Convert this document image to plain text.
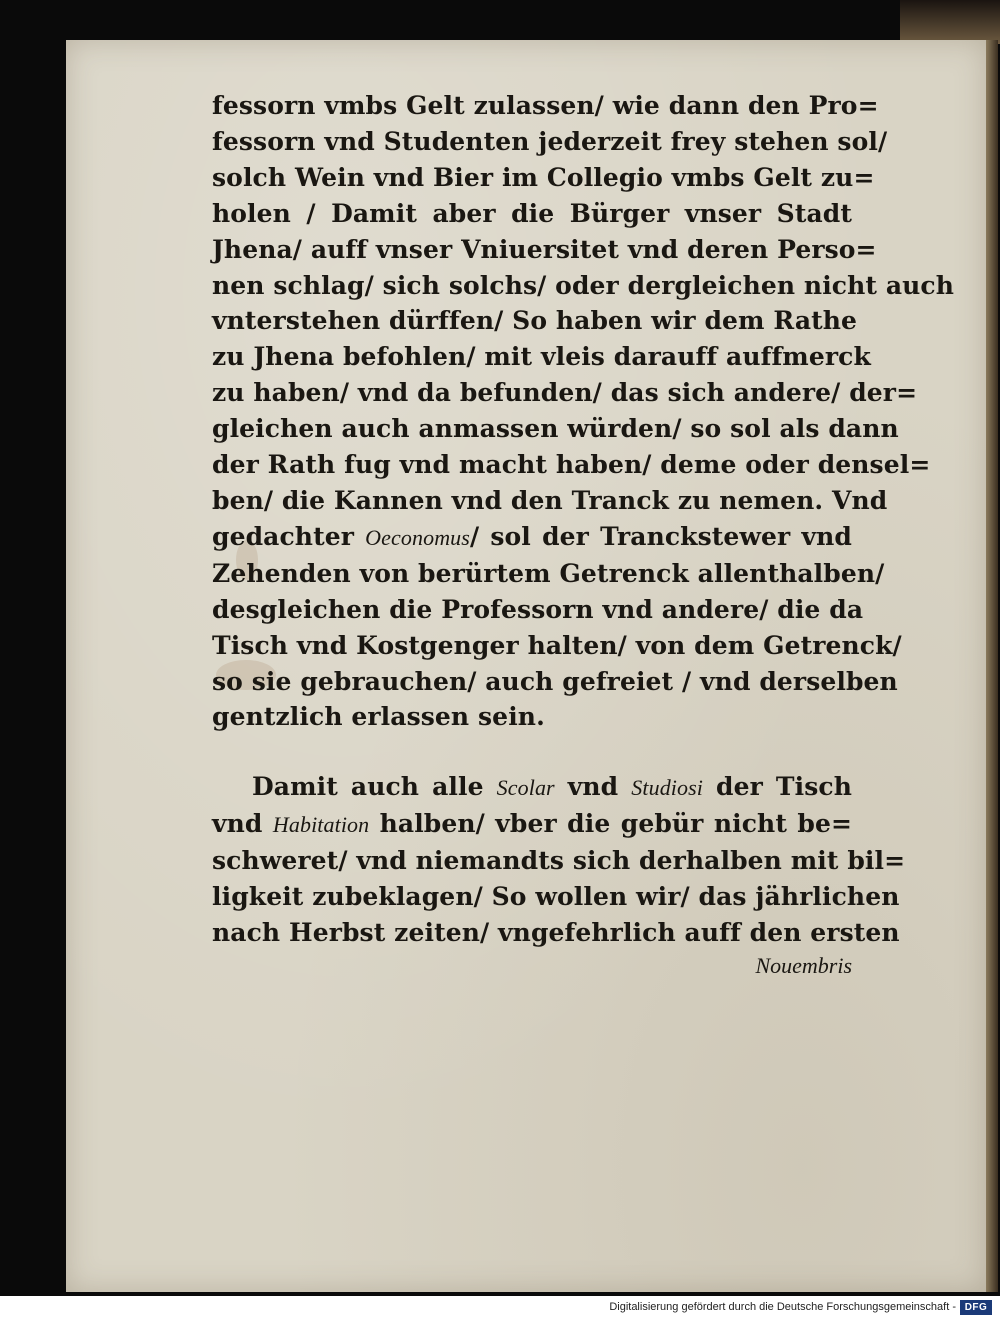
fessorn vmbs Gelt zulassen/ wie dann den Pro=
fessorn vnd Studenten jederzeit frey stehen sol/
solch Wein vnd Bier im Collegio vmbs Gelt zu=
holen / Damit aber die Bürger vnser Stadt
Jhena/ auff vnser Vniuersitet vnd deren Perso=
nen schlag/ sich solchs/ oder dergleichen nicht auch
vnterstehen dürffen/ So haben wir dem Rathe
zu Jhena befohlen/ mit vleis darauff auffmerck
zu haben/ vnd da befunden/ das sich andere/ der=
gleichen auch anmassen würden/ so sol als dann
der Rath fug vnd macht haben/ deme oder densel=
ben/ die Kannen vnd den Tranck zu nemen. Vnd
gedachter Oeconomus/ sol der Tranckstewer vnd
Zehenden von berürtem Getrenck allenthalben/
desgleichen die Professorn vnd andere/ die da
Tisch vnd Kostgenger halten/ von dem Getrenck/
so sie gebrauchen/ auch gefreiet / vnd derselben
gentzlich erlassen sein.
Damit auch alle Scolar vnd Studiosi der Tisch
vnd Habitation halben/ vber die gebür nicht be=
schweret/ vnd niemandts sich derhalben mit bil=
ligkeit zubeklagen/ So wollen wir/ das jährlichen
nach Herbst zeiten/ vngefehrlich auff den ersten
Nouembris
Digitalisierung gefördert durch die Deutsche Forschungsgemeinschaft - DFG
